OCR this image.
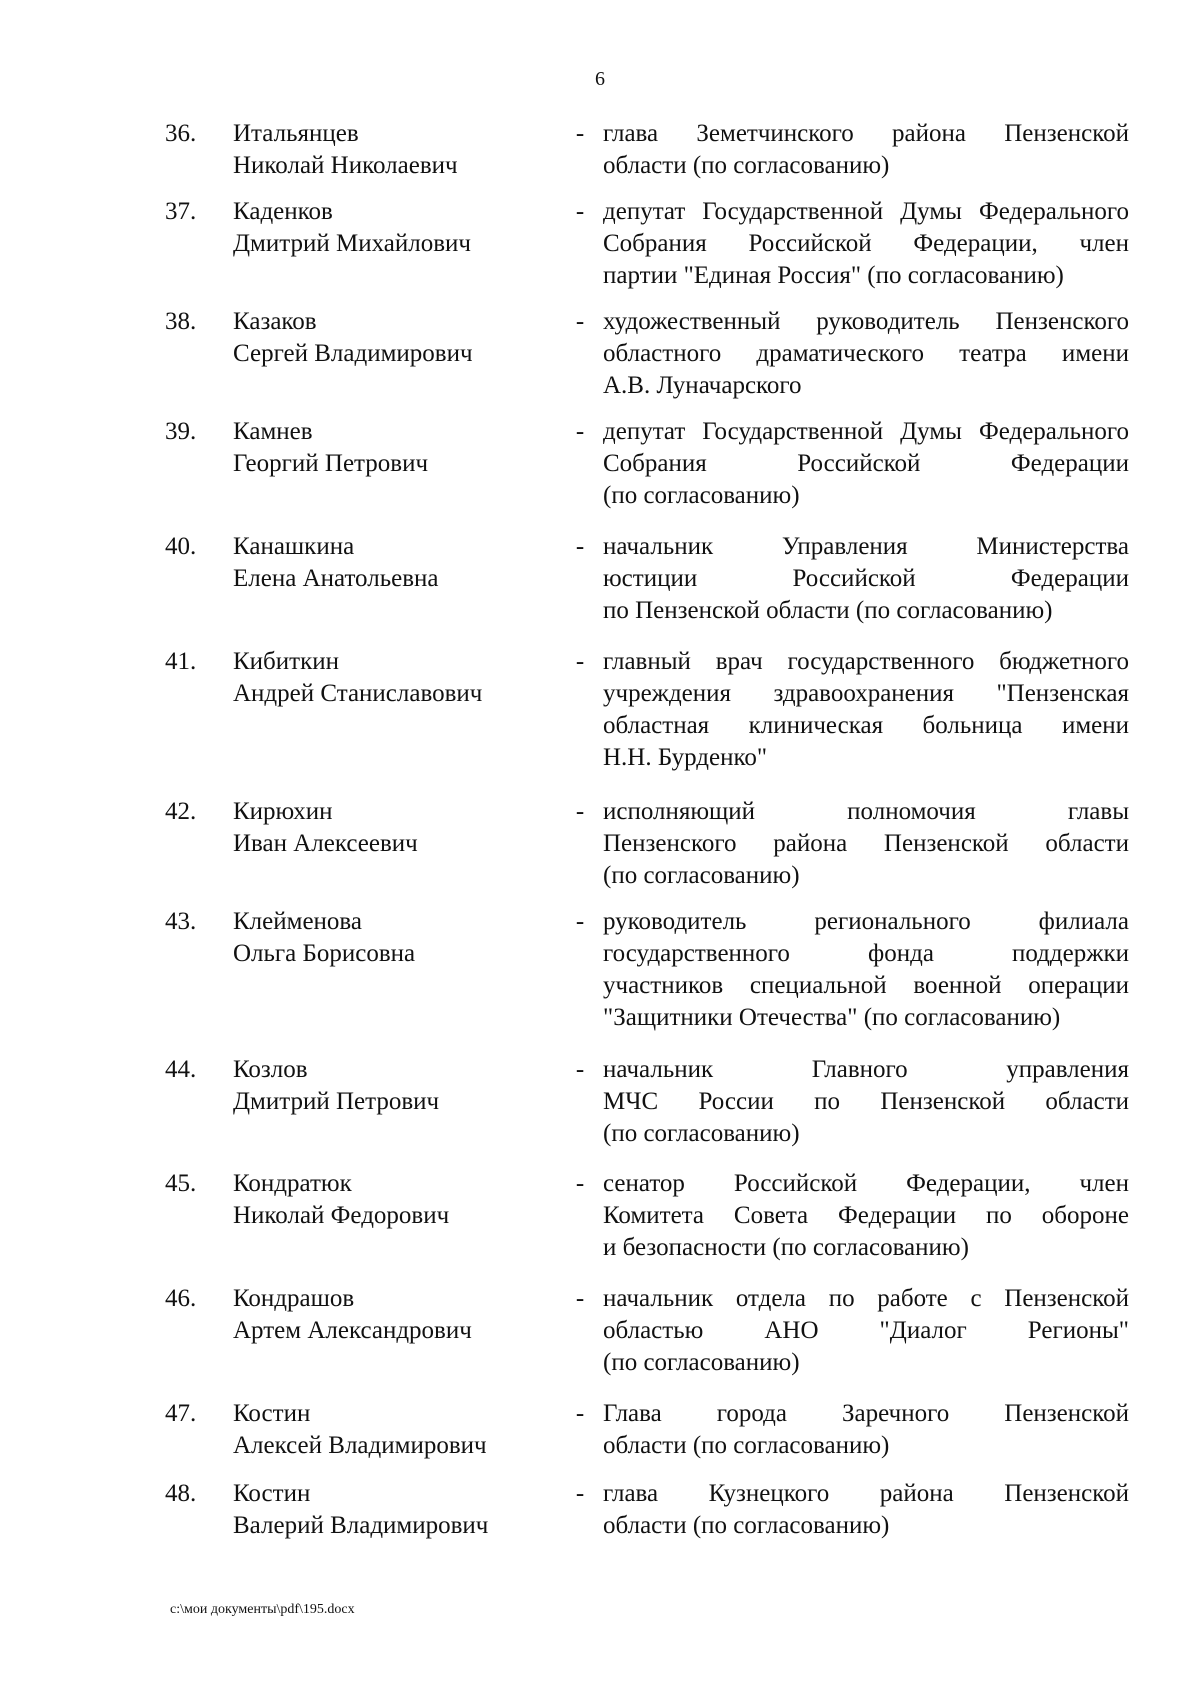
6
36.	Итальянцев
Николай Николаевич
- глава Земетчинского района Пензенской
области (по согласованию)
37.	Каденков
Дмитрий Михайлович
- депутат Государственной Думы Федерального
Собрания Российской Федерации, член
партии "Единая Россия" (по согласованию)
38.	Казаков
Сергей Владимирович
- художественный руководитель Пензенского
областного драматического театра имени
А.В. Луначарского
39.	Камнев
Георгий Петрович
- депутат Государственной Думы Федерального
Собрания Российской Федерации
(по согласованию)
40.	Канашкина
Елена Анатольевна
- начальник Управления Министерства
юстиции Российской Федерации
по Пензенской области (по согласованию)
41.	Кибиткин
Андрей Станиславович
- главный врач государственного бюджетного
учреждения здравоохранения "Пензенская
областная клиническая больница имени
Н.Н. Бурденко"
42.	Кирюхин
Иван Алексеевич
- исполняющий полномочия главы
Пензенского района Пензенской области
(по согласованию)
43.	Клейменова
Ольга Борисовна
- руководитель регионального филиала
государственного фонда поддержки
участников специальной военной операции
"Защитники Отечества" (по согласованию)
44.	Козлов
Дмитрий Петрович
- начальник Главного управления
МЧС России по Пензенской области
(по согласованию)
45.	Кондратюк
Николай Федорович
- сенатор Российской Федерации, член
Комитета Совета Федерации по обороне
и безопасности (по согласованию)
46.	Кондрашов
Артем Александрович
- начальник отдела по работе с Пензенской
областью АНО "Диалог Регионы"
(по согласованию)
47.	Костин
Алексей Владимирович
- Глава города Заречного Пензенской
области (по согласованию)
48.	Костин
Валерий Владимирович
- глава Кузнецкого района Пензенской
области (по согласованию)
c:\мои документы\pdf\195.docx
